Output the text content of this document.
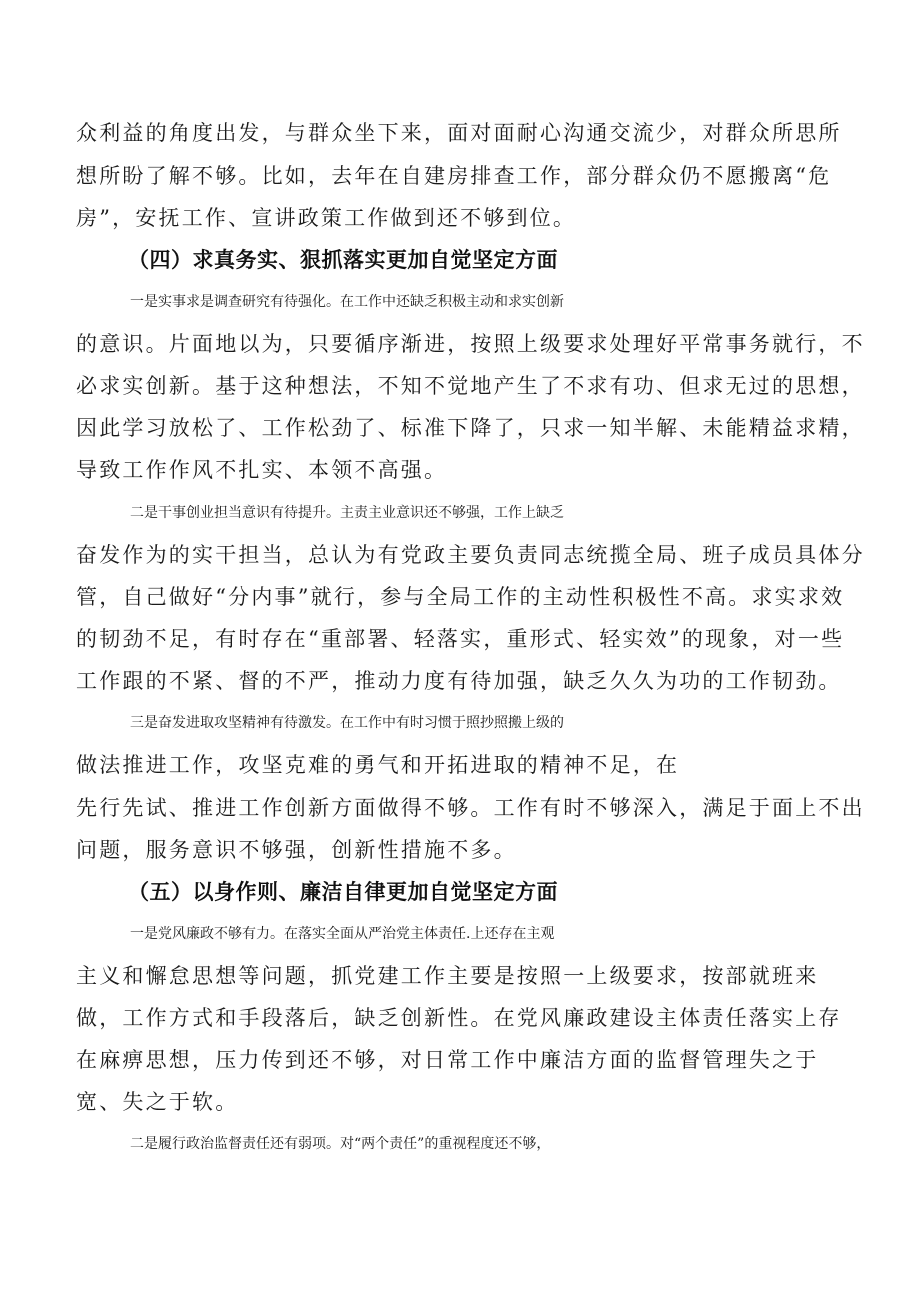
众利益的角度出发，与群众坐下来，面对面耐心沟通交流少，对群众所思所
想所盼了解不够。比如，去年在自建房排查工作，部分群众仍不愿搬离“危
房”，安抚工作、宣讲政策工作做到还不够到位。
（四）求真务实、狠抓落实更加自觉坚定方面
一是实事求是调查研究有待强化。在工作中还缺乏积极主动和求实创新
的意识。片面地以为，只要循序渐进，按照上级要求处理好平常事务就行，不
必求实创新。基于这种想法，不知不觉地产生了不求有功、但求无过的思想，
因此学习放松了、工作松劲了、标准下降了，只求一知半解、未能精益求精，
导致工作作风不扎实、本领不高强。
二是干事创业担当意识有待提升。主责主业意识还不够强，工作上缺乏
奋发作为的实干担当，总认为有党政主要负责同志统揽全局、班子成员具体分
管，自己做好“分内事”就行，参与全局工作的主动性积极性不高。求实求效
的韧劲不足，有时存在“重部署、轻落实，重形式、轻实效”的现象，对一些
工作跟的不紧、督的不严，推动力度有待加强，缺乏久久为功的工作韧劲。
三是奋发进取攻坚精神有待激发。在工作中有时习惯于照抄照搬上级的
做法推进工作，攻坚克难的勇气和开拓进取的精神不足，在
先行先试、推进工作创新方面做得不够。工作有时不够深入，满足于面上不出
问题，服务意识不够强，创新性措施不多。
（五）以身作则、廉洁自律更加自觉坚定方面
一是党风廉政不够有力。在落实全面从严治党主体责任.上还存在主观
主义和懈怠思想等问题，抓党建工作主要是按照一上级要求，按部就班来
做，工作方式和手段落后，缺乏创新性。在党风廉政建设主体责任落实上存
在麻痹思想，压力传到还不够，对日常工作中廉洁方面的监督管理失之于
宽、失之于软。
二是履行政治监督责任还有弱项。对“两个责任”的重视程度还不够，
